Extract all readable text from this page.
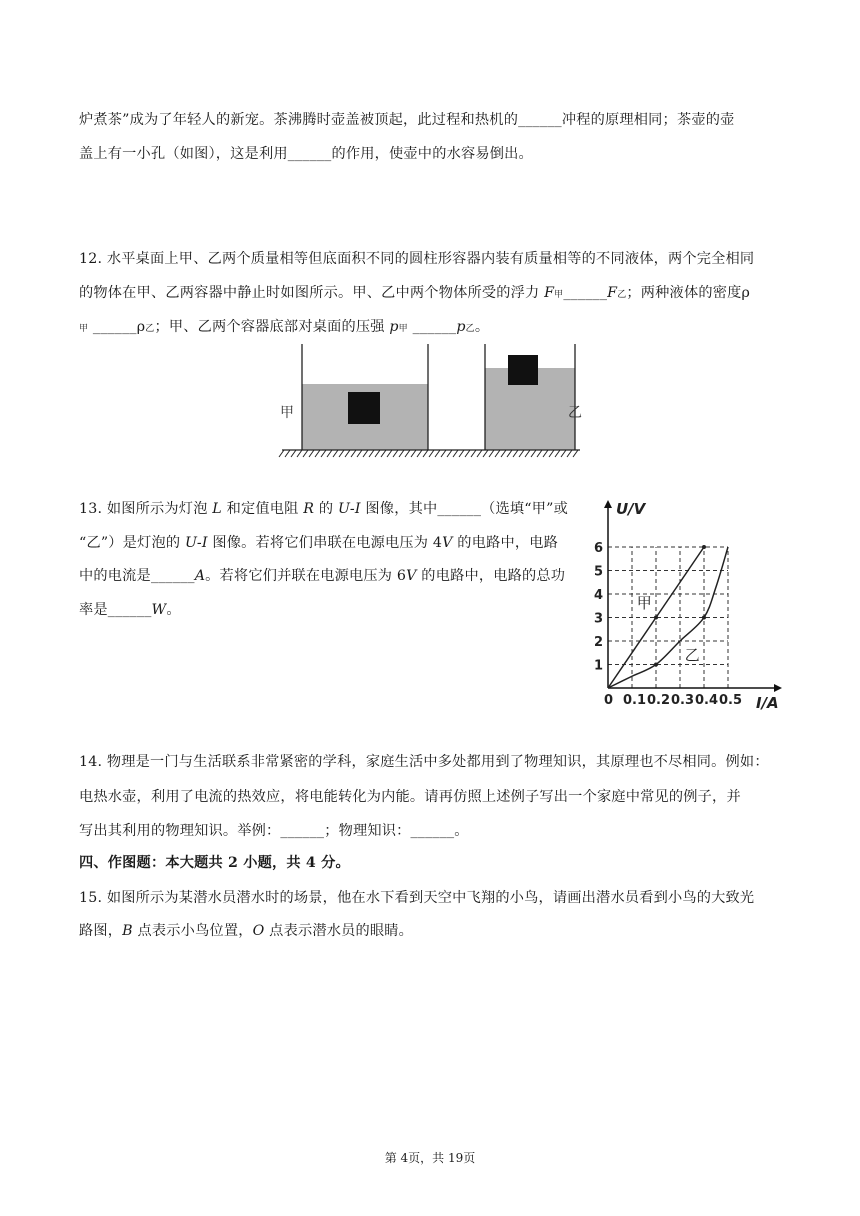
炉煮茶”成为了年轻人的新宠。茶沸腾时壶盖被顶起，此过程和热机的______冲程的原理相同；茶壶的壶
盖上有一小孔（如图），这是利用______的作用，使壶中的水容易倒出。
12. 水平桌面上甲、乙两个质量相等但底面积不同的圆柱形容器内装有质量相等的不同液体，两个完全相同
的物体在甲、乙两容器中静止时如图所示。甲、乙中两个物体所受的浮力 F甲______F乙；两种液体的密度ρ
甲 ______ρ乙；甲、乙两个容器底部对桌面的压强 p甲 ______p乙。
甲	乙
13. 如图所示为灯泡 L 和定值电阻 R 的 U-I 图像，其中______（选填“甲”或
“乙”）是灯泡的 U-I 图像。若将它们串联在电源电压为 4V 的电路中，电路
中的电流是______A。若将它们并联在电源电压为 6V 的电路中，电路的总功
率是______W。
U/V
I/A
0 0.1 0.2 0.3 0.4 0.5
1
2
3
4
5
6
甲
乙
14. 物理是一门与生活联系非常紧密的学科，家庭生活中多处都用到了物理知识，其原理也不尽相同。例如：
电热水壶，利用了电流的热效应，将电能转化为内能。请再仿照上述例子写出一个家庭中常见的例子，并
写出其利用的物理知识。举例：______；物理知识：______。
四、作图题：本大题共 2 小题，共 4 分。
15. 如图所示为某潜水员潜水时的场景，他在水下看到天空中飞翔的小鸟，请画出潜水员看到小鸟的大致光
路图，B 点表示小鸟位置，O 点表示潜水员的眼睛。
第 4页，共 19页
